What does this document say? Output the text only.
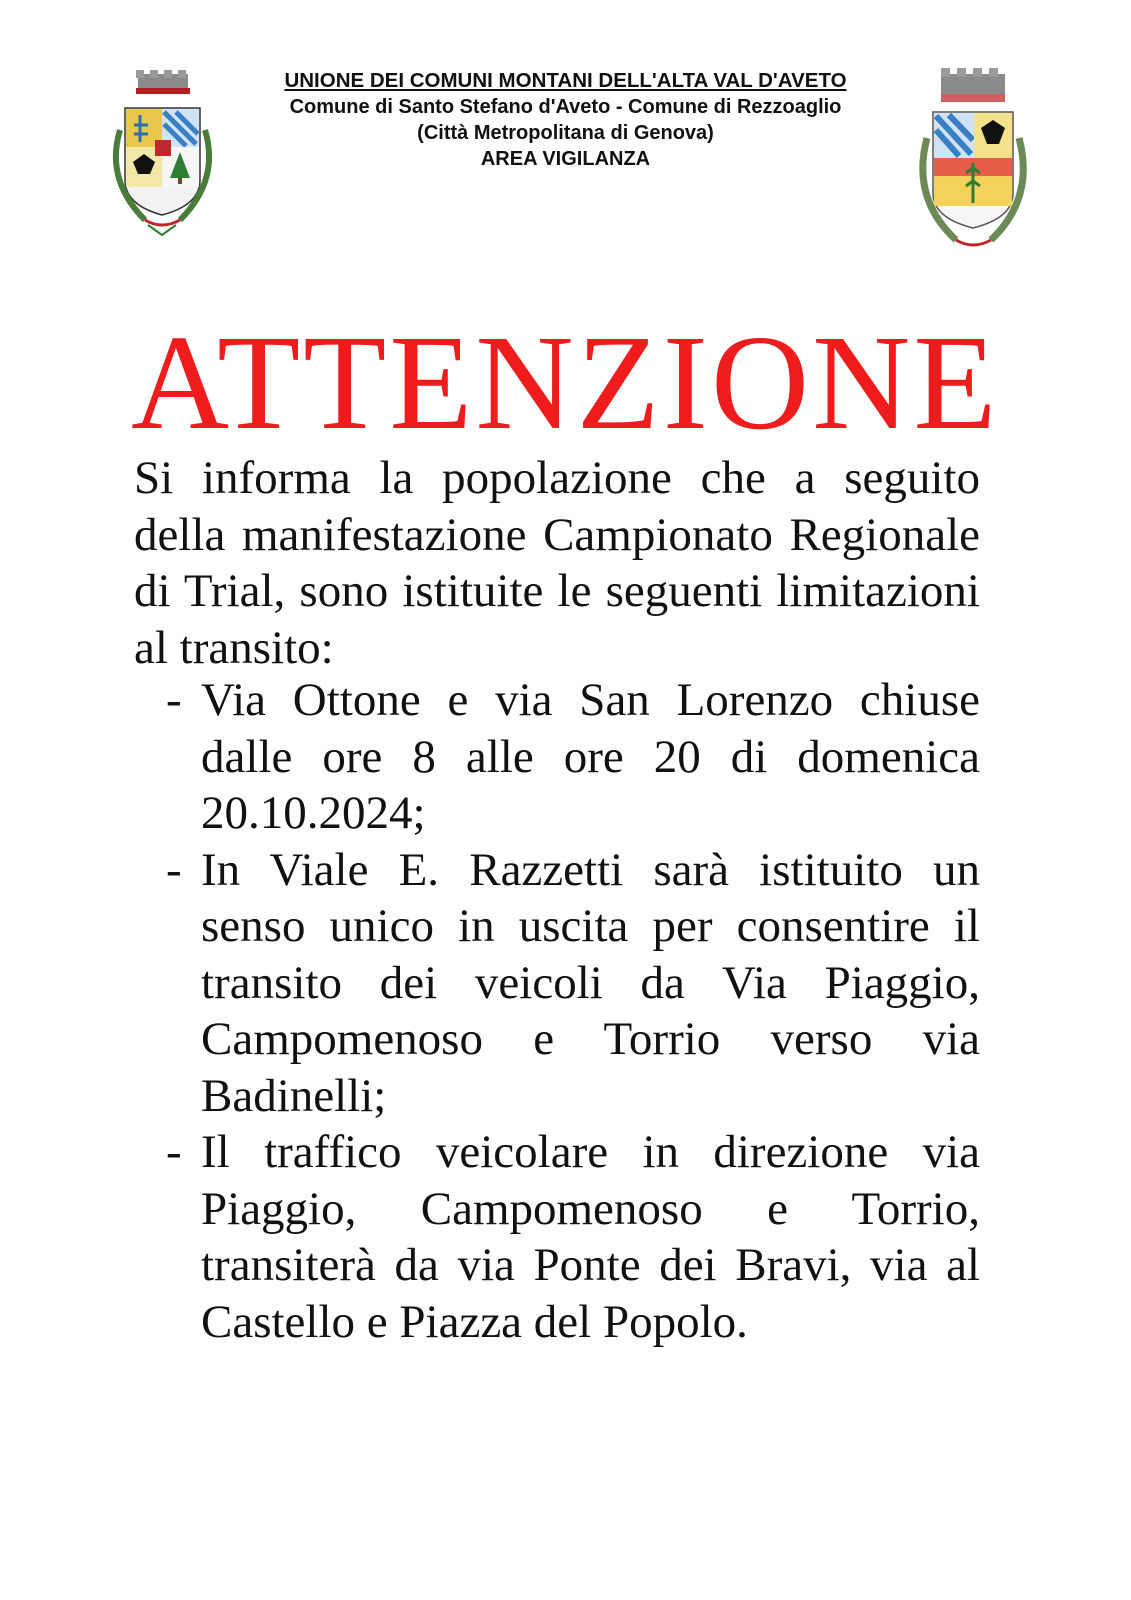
UNIONE DEI COMUNI MONTANI DELL'ALTA VAL D'AVETO
Comune di Santo Stefano d'Aveto - Comune di Rezzoaglio
(Città Metropolitana di Genova)
AREA VIGILANZA
ATTENZIONE
Si informa la popolazione che a seguito della manifestazione Campionato Regionale di Trial, sono istituite le seguenti limitazioni al transito:
- Via Ottone e via San Lorenzo chiuse dalle ore 8 alle ore 20 di domenica 20.10.2024;
- In Viale E. Razzetti sarà istituito un senso unico in uscita per consentire il transito dei veicoli da Via Piaggio, Campomenoso e Torrio verso via Badinelli;
- Il traffico veicolare in direzione via Piaggio, Campomenoso e Torrio, transiterà da via Ponte dei Bravi, via al Castello e Piazza del Popolo.
